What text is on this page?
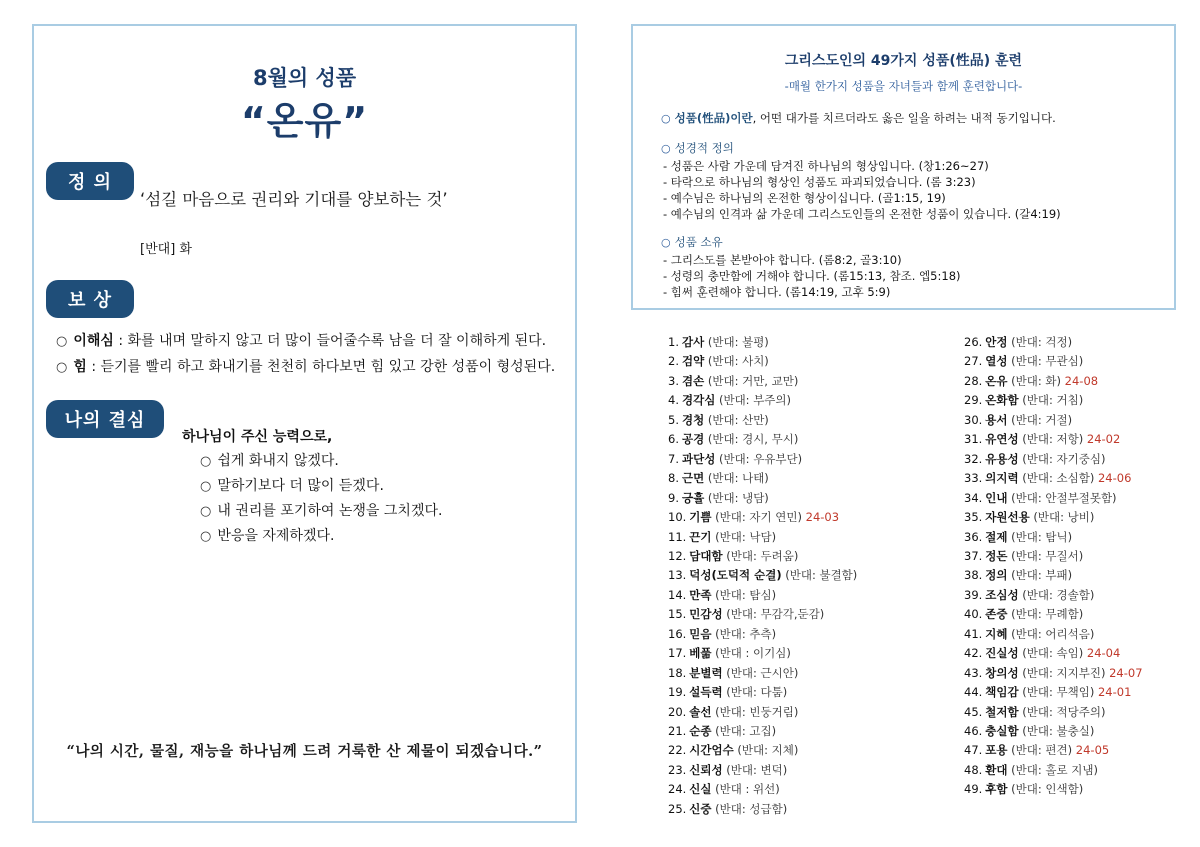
8월의 성품
“온유”
정 의
‘섬길 마음으로 권리와 기대를 양보하는 것’
[반대] 화
보 상
○ 이해심 : 화를 내며 말하지 않고 더 많이 들어줄수록 남을 더 잘 이해하게 된다.
○ 힘 : 듣기를 빨리 하고 화내기를 천천히 하다보면 힘 있고 강한 성품이 형성된다.
나의 결심
하나님이 주신 능력으로,
○ 쉽게 화내지 않겠다.
○ 말하기보다 더 많이 듣겠다.
○ 내 권리를 포기하여 논쟁을 그치겠다.
○ 반응을 자제하겠다.
“나의 시간, 물질, 재능을 하나님께 드려 거룩한 산 제물이 되겠습니다.”
그리스도인의 49가지 성품(性品) 훈련
-매월 한가지 성품을 자녀들과 함께 훈련합니다-
○ 성품(性品)이란, 어떤 대가를 치르더라도 옳은 일을 하려는 내적 동기입니다.
○ 성경적 정의
- 성품은 사람 가운데 담겨진 하나님의 형상입니다. (창1:26~27)
- 타락으로 하나님의 형상인 성품도 파괴되었습니다. (롬 3:23)
- 예수님은 하나님의 온전한 형상이십니다. (골1:15, 19)
- 예수님의 인격과 삶 가운데 그리스도인들의 온전한 성품이 있습니다. (갈4:19)
○ 성품 소유
- 그리스도를 본받아야 합니다. (롬8:2, 골3:10)
- 성령의 충만함에 거해야 합니다. (롬15:13, 참조. 엡5:18)
- 힘써 훈련해야 합니다. (롬14:19, 고후 5:9)
1. 감사 (반대: 불평)
2. 검약 (반대: 사치)
3. 겸손 (반대: 거만, 교만)
4. 경각심 (반대: 부주의)
5. 경청 (반대: 산만)
6. 공경 (반대: 경시, 무시)
7. 과단성 (반대: 우유부단)
8. 근면 (반대: 나태)
9. 긍휼 (반대: 냉담)
10. 기쁨 (반대: 자기 연민) 24-03
11. 끈기 (반대: 낙담)
12. 담대함 (반대: 두려움)
13. 덕성(도덕적 순결) (반대: 불결함)
14. 만족 (반대: 탐심)
15. 민감성 (반대: 무감각,둔감)
16. 믿음 (반대: 추측)
17. 베풂 (반대 : 이기심)
18. 분별력 (반대: 근시안)
19. 설득력 (반대: 다툼)
20. 솔선 (반대: 빈둥거림)
21. 순종 (반대: 고집)
22. 시간엄수 (반대: 지체)
23. 신뢰성 (반대: 변덕)
24. 신실 (반대 : 위선)
25. 신중 (반대: 성급함)
26. 안정 (반대: 걱정)
27. 열성 (반대: 무관심)
28. 온유 (반대: 화) 24-08
29. 온화함 (반대: 거침)
30. 용서 (반대: 거절)
31. 유연성 (반대: 저항) 24-02
32. 유용성 (반대: 자기중심)
33. 의지력 (반대: 소심함) 24-06
34. 인내 (반대: 안절부절못함)
35. 자원선용 (반대: 낭비)
36. 절제 (반대: 탐닉)
37. 정돈 (반대: 무질서)
38. 정의 (반대: 부패)
39. 조심성 (반대: 경솔함)
40. 존중 (반대: 무례함)
41. 지혜 (반대: 어리석음)
42. 진실성 (반대: 속임) 24-04
43. 창의성 (반대: 지지부진) 24-07
44. 책임감 (반대: 무책임) 24-01
45. 철저함 (반대: 적당주의)
46. 충실함 (반대: 불충실)
47. 포용 (반대: 편견) 24-05
48. 환대 (반대: 홀로 지냄)
49. 후함 (반대: 인색함)
